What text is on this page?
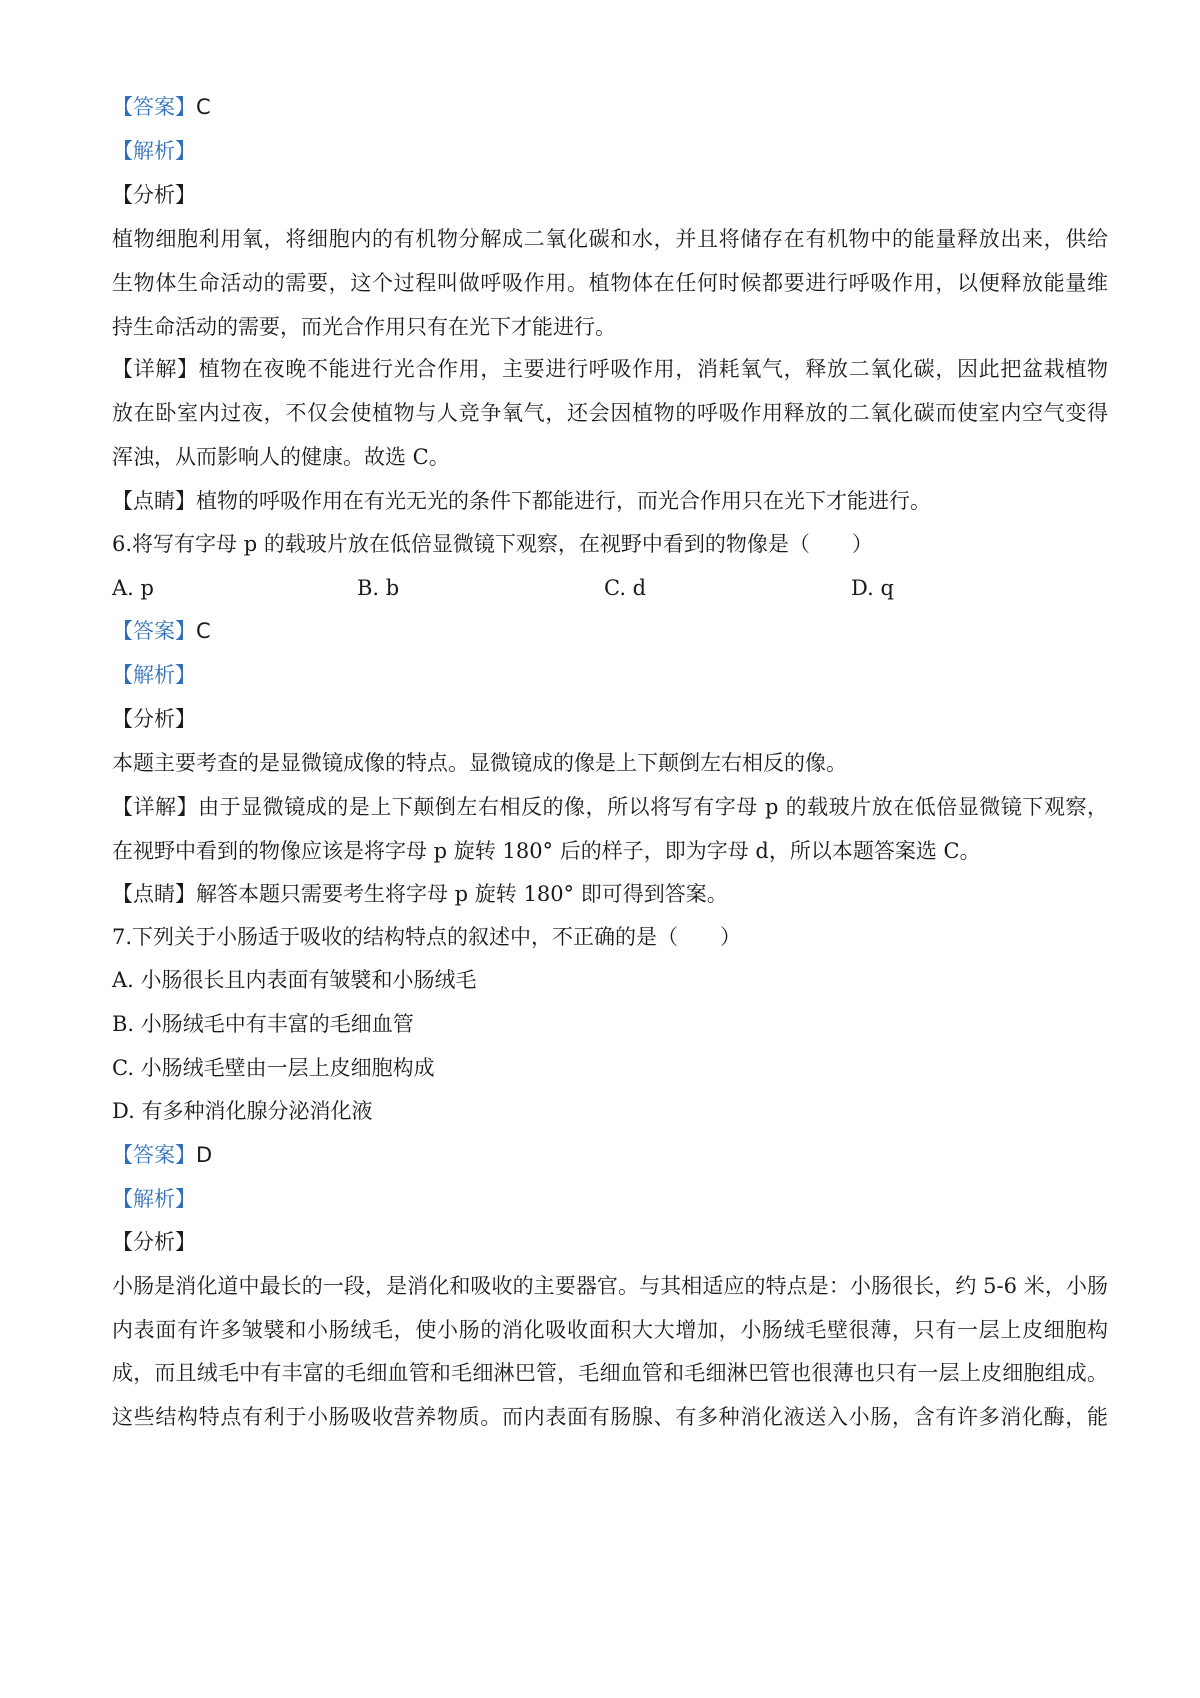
【答案】C
【解析】
【分析】
植物细胞利用氧，将细胞内的有机物分解成二氧化碳和水，并且将储存在有机物中的能量释放出来，供给
生物体生命活动的需要，这个过程叫做呼吸作用。植物体在任何时候都要进行呼吸作用，以便释放能量维
持生命活动的需要，而光合作用只有在光下才能进行。
【详解】植物在夜晚不能进行光合作用，主要进行呼吸作用，消耗氧气，释放二氧化碳，因此把盆栽植物
放在卧室内过夜，不仅会使植物与人竞争氧气，还会因植物的呼吸作用释放的二氧化碳而使室内空气变得
浑浊，从而影响人的健康。故选 C。
【点睛】植物的呼吸作用在有光无光的条件下都能进行，而光合作用只在光下才能进行。
6.将写有字母 p 的载玻片放在低倍显微镜下观察，在视野中看到的物像是（　　）
A. p	B. b	C. d	D. q
【答案】C
【解析】
【分析】
本题主要考查的是显微镜成像的特点。显微镜成的像是上下颠倒左右相反的像。
【详解】由于显微镜成的是上下颠倒左右相反的像，所以将写有字母 p 的载玻片放在低倍显微镜下观察，
在视野中看到的物像应该是将字母 p 旋转 180° 后的样子，即为字母 d，所以本题答案选 C。
【点睛】解答本题只需要考生将字母 p 旋转 180° 即可得到答案。
7.下列关于小肠适于吸收的结构特点的叙述中，不正确的是（　　）
A. 小肠很长且内表面有皱襞和小肠绒毛
B. 小肠绒毛中有丰富的毛细血管
C. 小肠绒毛壁由一层上皮细胞构成
D. 有多种消化腺分泌消化液
【答案】D
【解析】
【分析】
小肠是消化道中最长的一段，是消化和吸收的主要器官。与其相适应的特点是：小肠很长，约 5-6 米，小肠
内表面有许多皱襞和小肠绒毛，使小肠的消化吸收面积大大增加，小肠绒毛壁很薄，只有一层上皮细胞构
成，而且绒毛中有丰富的毛细血管和毛细淋巴管，毛细血管和毛细淋巴管也很薄也只有一层上皮细胞组成。
这些结构特点有利于小肠吸收营养物质。而内表面有肠腺、有多种消化液送入小肠，含有许多消化酶，能
